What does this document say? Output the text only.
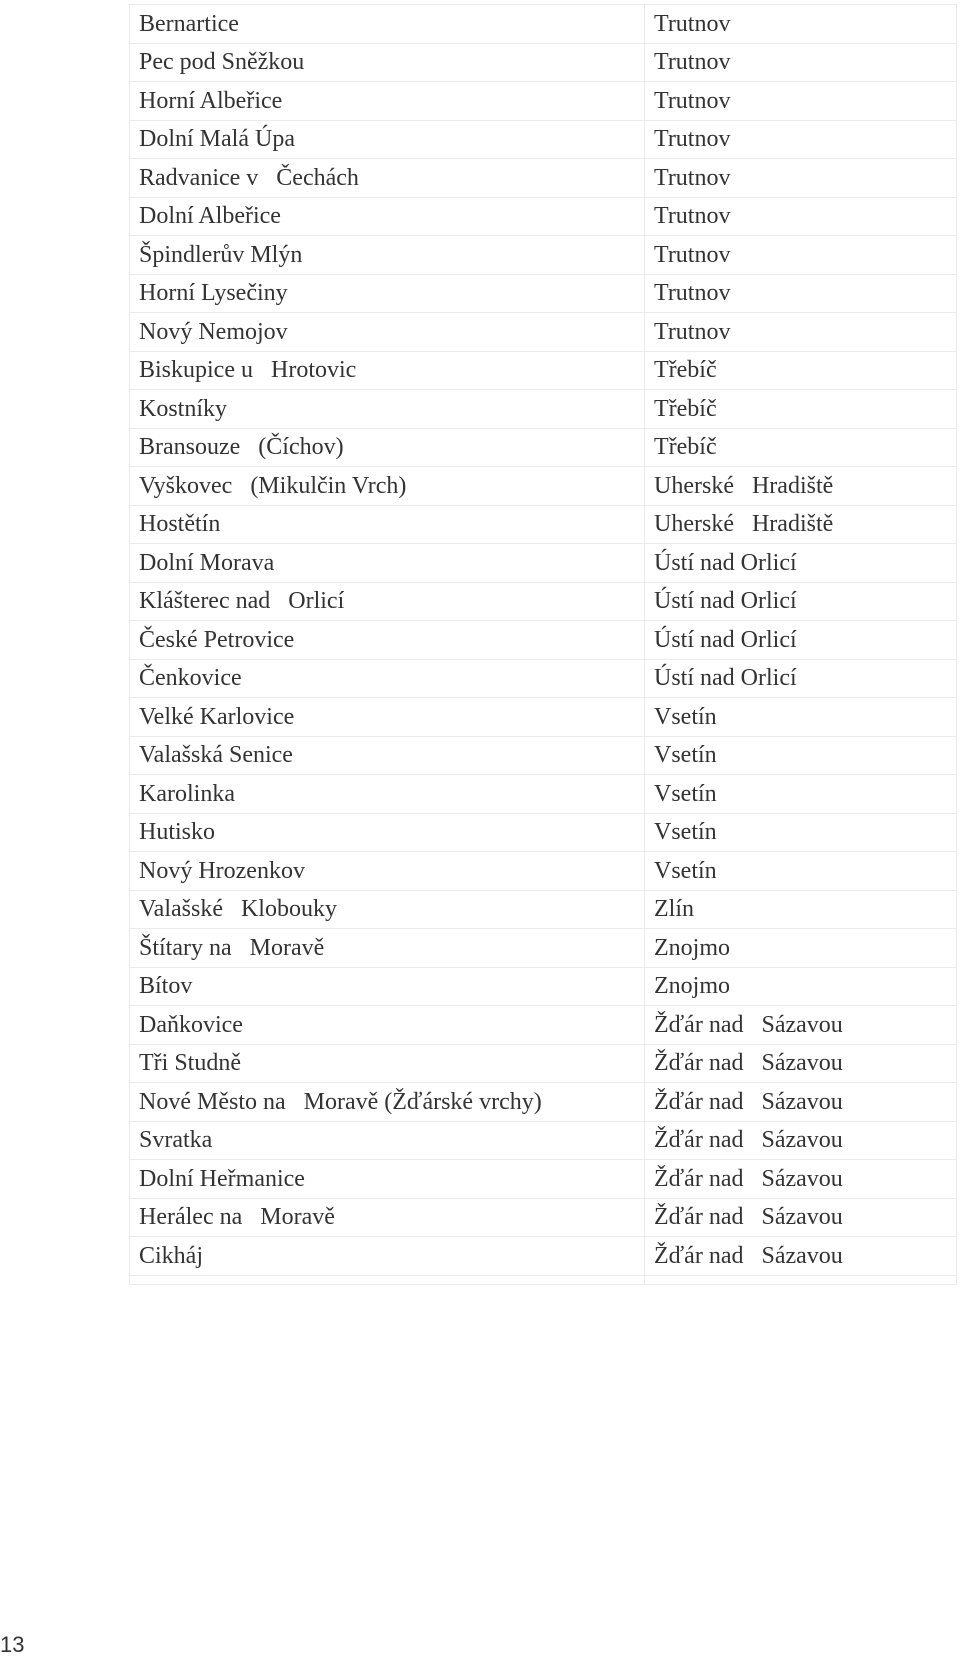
Bernartice	Trutnov
Pec pod Sněžkou	Trutnov
Horní Albeřice	Trutnov
Dolní Malá Úpa	Trutnov
Radvanice v   Čechách	Trutnov
Dolní Albeřice	Trutnov
Špindlerův Mlýn	Trutnov
Horní Lysečiny	Trutnov
Nový Nemojov	Trutnov
Biskupice u   Hrotovic	Třebíč
Kostníky	Třebíč
Bransouze   (Číchov)	Třebíč
Vyškovec   (Mikulčin Vrch)	Uherské   Hradiště
Hostětín	Uherské   Hradiště
Dolní Morava	Ústí nad Orlicí
Klášterec nad   Orlicí	Ústí nad Orlicí
České Petrovice	Ústí nad Orlicí
Čenkovice	Ústí nad Orlicí
Velké Karlovice	Vsetín
Valašská Senice	Vsetín
Karolinka	Vsetín
Hutisko	Vsetín
Nový Hrozenkov	Vsetín
Valašské   Klobouky	Zlín
Štítary na   Moravě	Znojmo
Bítov	Znojmo
Daňkovice	Žďár nad   Sázavou
Tři Studně	Žďár nad   Sázavou
Nové Město na   Moravě (Žďárské vrchy)	Žďár nad   Sázavou
Svratka	Žďár nad   Sázavou
Dolní Heřmanice	Žďár nad   Sázavou
Herálec na   Moravě	Žďár nad   Sázavou
Cikháj	Žďár nad   Sázavou

13
